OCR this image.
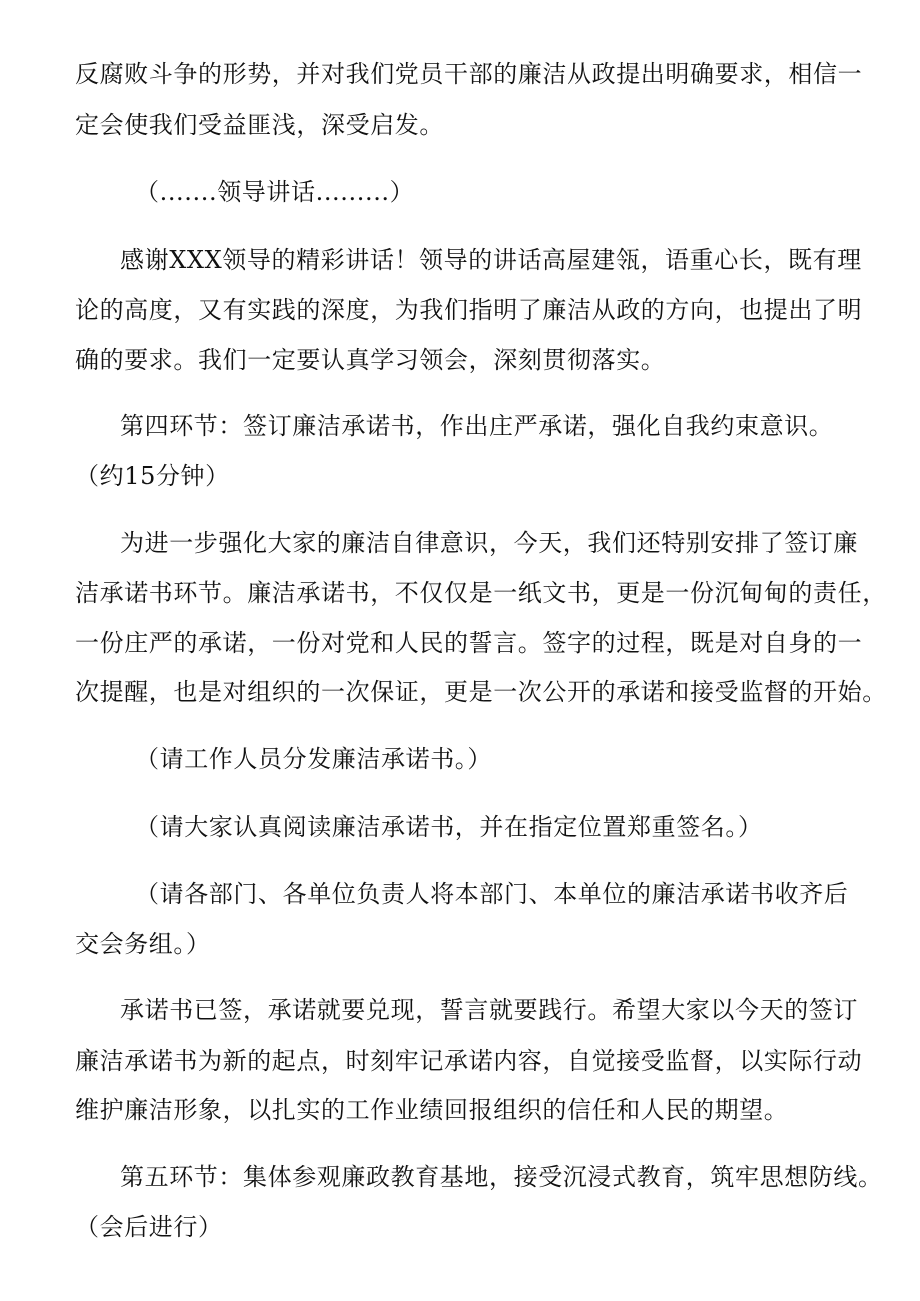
反腐败斗争的形势，并对我们党员干部的廉洁从政提出明确要求，相信一
定会使我们受益匪浅，深受启发。
（.......领导讲话.........）
感谢XXX领导的精彩讲话！领导的讲话高屋建瓴，语重心长，既有理
论的高度，又有实践的深度，为我们指明了廉洁从政的方向，也提出了明
确的要求。我们一定要认真学习领会，深刻贯彻落实。
第四环节：签订廉洁承诺书，作出庄严承诺，强化自我约束意识。
（约15分钟）
为进一步强化大家的廉洁自律意识，今天，我们还特别安排了签订廉
洁承诺书环节。廉洁承诺书，不仅仅是一纸文书，更是一份沉甸甸的责任，
一份庄严的承诺，一份对党和人民的誓言。签字的过程，既是对自身的一
次提醒，也是对组织的一次保证，更是一次公开的承诺和接受监督的开始。
（请工作人员分发廉洁承诺书。）
（请大家认真阅读廉洁承诺书，并在指定位置郑重签名。）
（请各部门、各单位负责人将本部门、本单位的廉洁承诺书收齐后
交会务组。）
承诺书已签，承诺就要兑现，誓言就要践行。希望大家以今天的签订
廉洁承诺书为新的起点，时刻牢记承诺内容，自觉接受监督，以实际行动
维护廉洁形象，以扎实的工作业绩回报组织的信任和人民的期望。
第五环节：集体参观廉政教育基地，接受沉浸式教育，筑牢思想防线。
（会后进行）
